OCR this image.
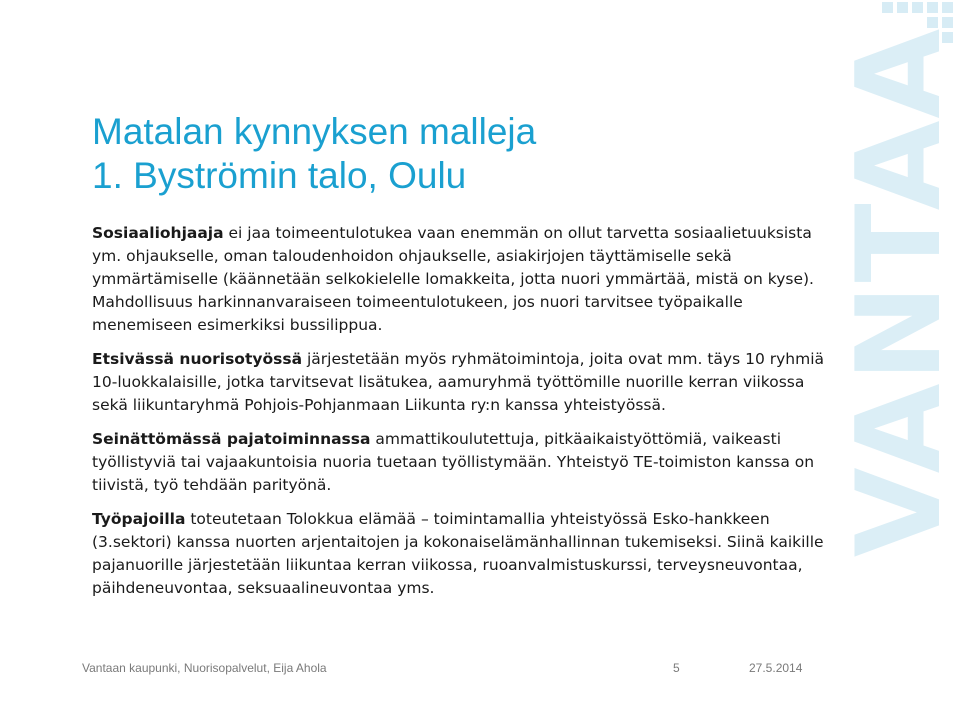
VANTAA
Matalan kynnyksen malleja
1. Byströmin talo, Oulu

Sosiaaliohjaaja ei jaa toimeentulotukea vaan enemmän on ollut tarvetta sosiaalietuuksista ym. ohjaukselle, oman taloudenhoidon ohjaukselle, asiakirjojen täyttämiselle sekä ymmärtämiselle (käännetään selkokielelle lomakkeita, jotta nuori ymmärtää, mistä on kyse). Mahdollisuus harkinnanvaraiseen toimeentulotukeen, jos nuori tarvitsee työpaikalle menemiseen esimerkiksi bussilippua.

Etsivässä nuorisotyössä järjestetään myös ryhmätoimintoja, joita ovat mm. täys 10 ryhmiä 10-luokkalaisille, jotka tarvitsevat lisätukea, aamuryhmä työttömille nuorille kerran viikossa sekä liikuntaryhmä Pohjois-Pohjanmaan Liikunta ry:n kanssa yhteistyössä.

Seinättömässä pajatoiminnassa ammattikoulutettuja, pitkäaikaistyöttömiä, vaikeasti työllistyviä tai vajaakuntoisia nuoria tuetaan työllistymään. Yhteistyö TE-toimiston kanssa on tiivistä, työ tehdään parityönä.

Työpajoilla toteutetaan Tolokkua elämää – toimintamallia yhteistyössä Esko-hankkeen (3.sektori) kanssa nuorten arjentaitojen ja kokonaiselämänhallinnan tukemiseksi. Siinä kaikille pajanuorille järjestetään liikuntaa kerran viikossa, ruoanvalmistuskurssi, terveysneuvontaa, päihdeneuvontaa, seksuaalineuvontaa yms.

Vantaan kaupunki, Nuorisopalvelut, Eija Ahola	5	27.5.2014
